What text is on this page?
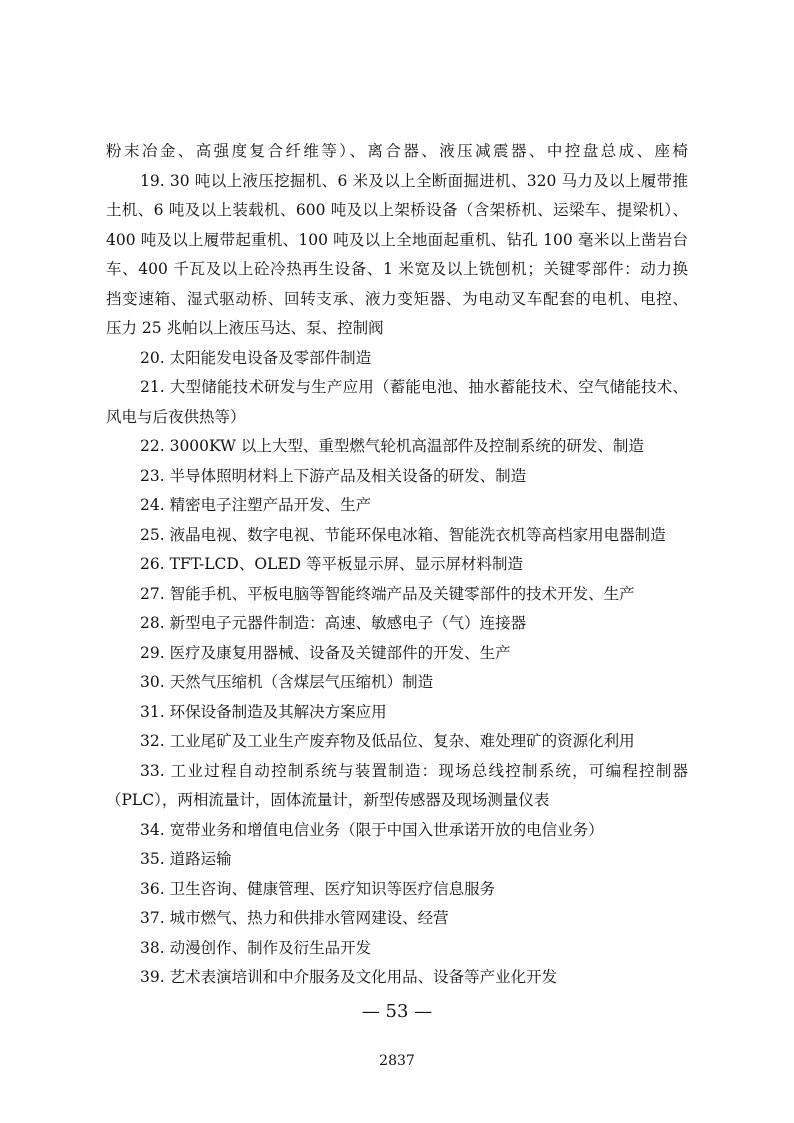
粉末冶金、高强度复合纤维等）、离合器、液压减震器、中控盘总成、座椅

19. 30 吨以上液压挖掘机、6 米及以上全断面掘进机、320 马力及以上履带推

土机、6 吨及以上装载机、600 吨及以上架桥设备（含架桥机、运梁车、提梁机）、

400 吨及以上履带起重机、100 吨及以上全地面起重机、钻孔 100 毫米以上凿岩台

车、400 千瓦及以上砼冷热再生设备、1 米宽及以上铣刨机；关键零部件：动力换

挡变速箱、湿式驱动桥、回转支承、液力变矩器、为电动叉车配套的电机、电控、

压力 25 兆帕以上液压马达、泵、控制阀

20. 太阳能发电设备及零部件制造

21. 大型储能技术研发与生产应用（蓄能电池、抽水蓄能技术、空气储能技术、

风电与后夜供热等）

22. 3000KW 以上大型、重型燃气轮机高温部件及控制系统的研发、制造

23. 半导体照明材料上下游产品及相关设备的研发、制造

24. 精密电子注塑产品开发、生产

25. 液晶电视、数字电视、节能环保电冰箱、智能洗衣机等高档家用电器制造

26. TFT-LCD、OLED 等平板显示屏、显示屏材料制造

27. 智能手机、平板电脑等智能终端产品及关键零部件的技术开发、生产

28. 新型电子元器件制造：高速、敏感电子（气）连接器

29. 医疗及康复用器械、设备及关键部件的开发、生产

30. 天然气压缩机（含煤层气压缩机）制造

31. 环保设备制造及其解决方案应用

32. 工业尾矿及工业生产废弃物及低品位、复杂、难处理矿的资源化利用

33. 工业过程自动控制系统与装置制造：现场总线控制系统，可编程控制器

（PLC），两相流量计，固体流量计，新型传感器及现场测量仪表

34. 宽带业务和增值电信业务（限于中国入世承诺开放的电信业务）

35. 道路运输

36. 卫生咨询、健康管理、医疗知识等医疗信息服务

37. 城市燃气、热力和供排水管网建设、经营

38. 动漫创作、制作及衍生品开发

39. 艺术表演培训和中介服务及文化用品、设备等产业化开发

— 53 —
2837
